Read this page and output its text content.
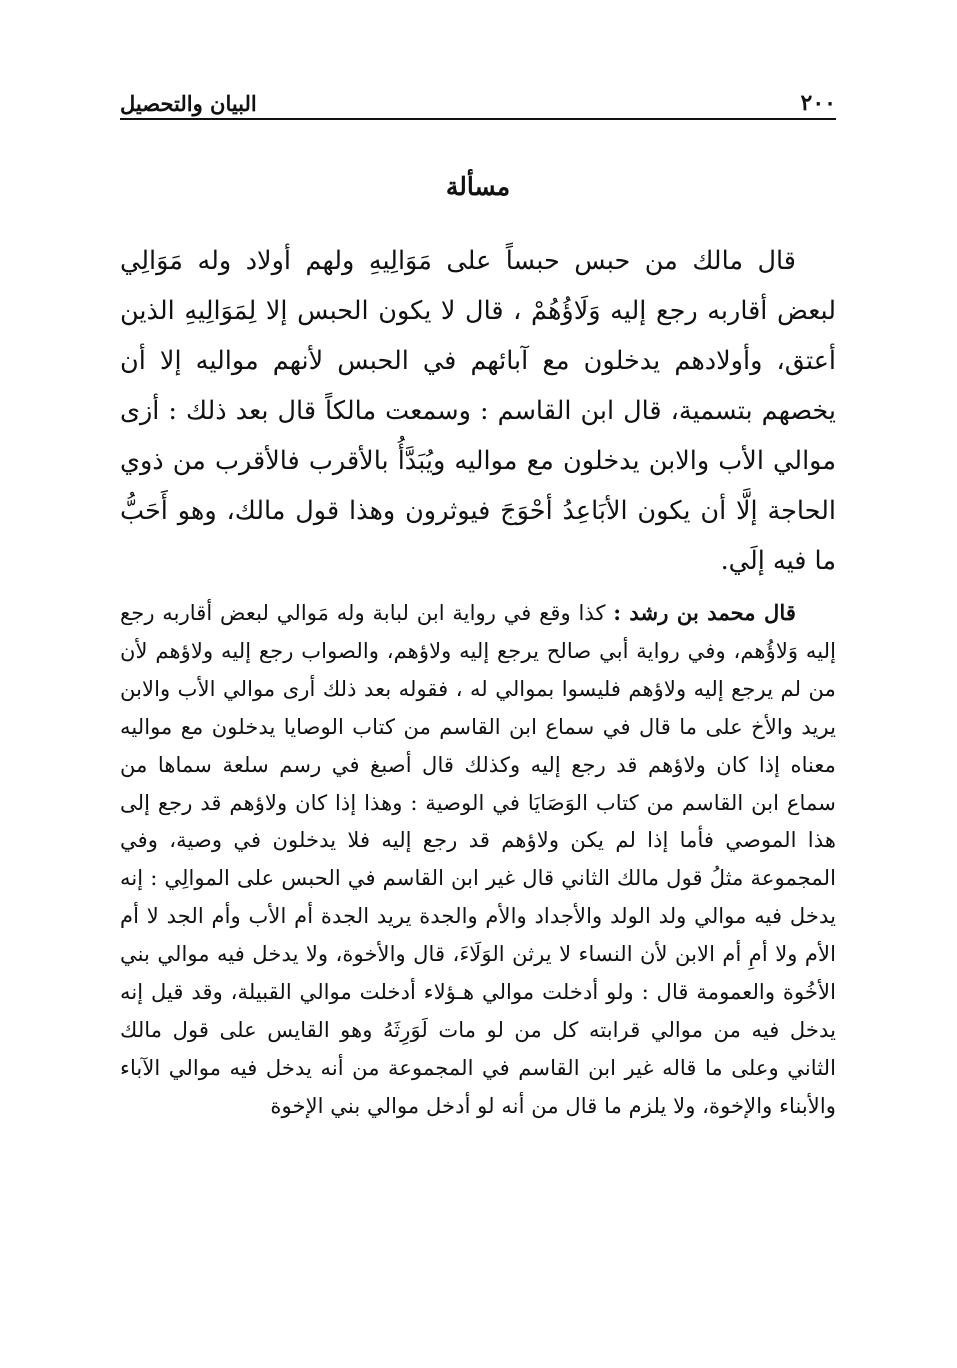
٢٠٠
البيان والتحصيل
مسألة

قال مالك من حبس حبساً على مَوَالِيهِ ولهم أولاد وله مَوَالِي لبعض أقاربه رجع إليه وَلَاؤُهُمْ ، قال لا يكون الحبس إلا لِمَوَالِيهِ الذين أعتق، وأولادهم يدخلون مع آبائهم في الحبس لأنهم مواليه إلا أن يخصهم بتسمية، قال ابن القاسم : وسمعت مالكاً قال بعد ذلك : أزى موالي الأب والابن يدخلون مع مواليه ويُبَدَّأُ بالأقرب فالأقرب من ذوي الحاجة إلَّا أن يكون الأبَاعِدُ أحْوَجَ فيوثرون وهذا قول مالك، وهو أَحَبُّ ما فيه إلَي.

قال محمد بن رشد : كذا وقع في رواية ابن لبابة وله مَوالي لبعض أقاربه رجع إليه وَلاؤُهم، وفي رواية أبي صالح يرجع إليه ولاؤهم، والصواب رجع إليه ولاؤهم لأن من لم يرجع إليه ولاؤهم فليسوا بموالي له ، فقوله بعد ذلك أرى موالي الأب والابن يريد والأخ على ما قال في سماع ابن القاسم من كتاب الوصايا يدخلون مع مواليه معناه إذا كان ولاؤهم قد رجع إليه وكذلك قال أصبغ في رسم سلعة سماها من سماع ابن القاسم من كتاب الوَصَايَا في الوصية : وهذا إذا كان ولاؤهم قد رجع إلى هذا الموصي فأما إذا لم يكن ولاؤهم قد رجع إليه فلا يدخلون في وصية، وفي المجموعة مثلُ قول مالك الثاني قال غير ابن القاسم في الحبس على الموالِي : إنه يدخل فيه موالي ولد الولد والأجداد والأم والجدة يريد الجدة أم الأب وأم الجد لا أم الأم ولا أمِ أم الابن لأن النساء لا يرثن الوَلَاءَ، قال والأخوة، ولا يدخل فيه موالي بني الأخُوة والعمومة قال : ولو أدخلت موالي هـؤلاء أدخلت موالي القبيلة، وقد قيل إنه يدخل فيه من موالي قرابته كل من لو مات لَوَرِثَهُ وهو القايس على قول مالك الثاني وعلى ما قاله غير ابن القاسم في المجموعة من أنه يدخل فيه موالي الآباء والأبناء والإخوة، ولا يلزم ما قال من أنه لو أدخل موالي بني الإخوة
